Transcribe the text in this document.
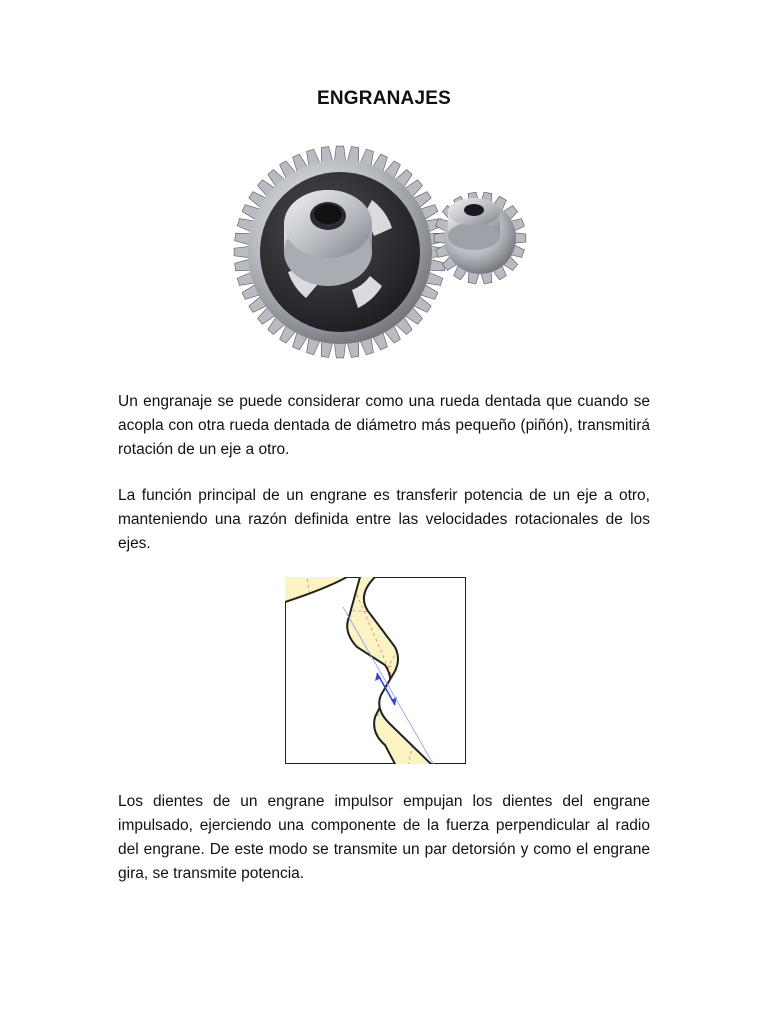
ENGRANAJES

Un engranaje se puede considerar como una rueda dentada que cuando se acopla con otra rueda dentada de diámetro más pequeño (piñón), transmitirá rotación de un eje a otro.

La función principal de un engrane es transferir potencia de un eje a otro, manteniendo una razón definida entre las velocidades rotacionales de los ejes.

Los dientes de un engrane impulsor empujan los dientes del engrane impulsado, ejerciendo una componente de la fuerza perpendicular al radio del engrane. De este modo se transmite un par detorsión y como el engrane gira, se transmite potencia.
